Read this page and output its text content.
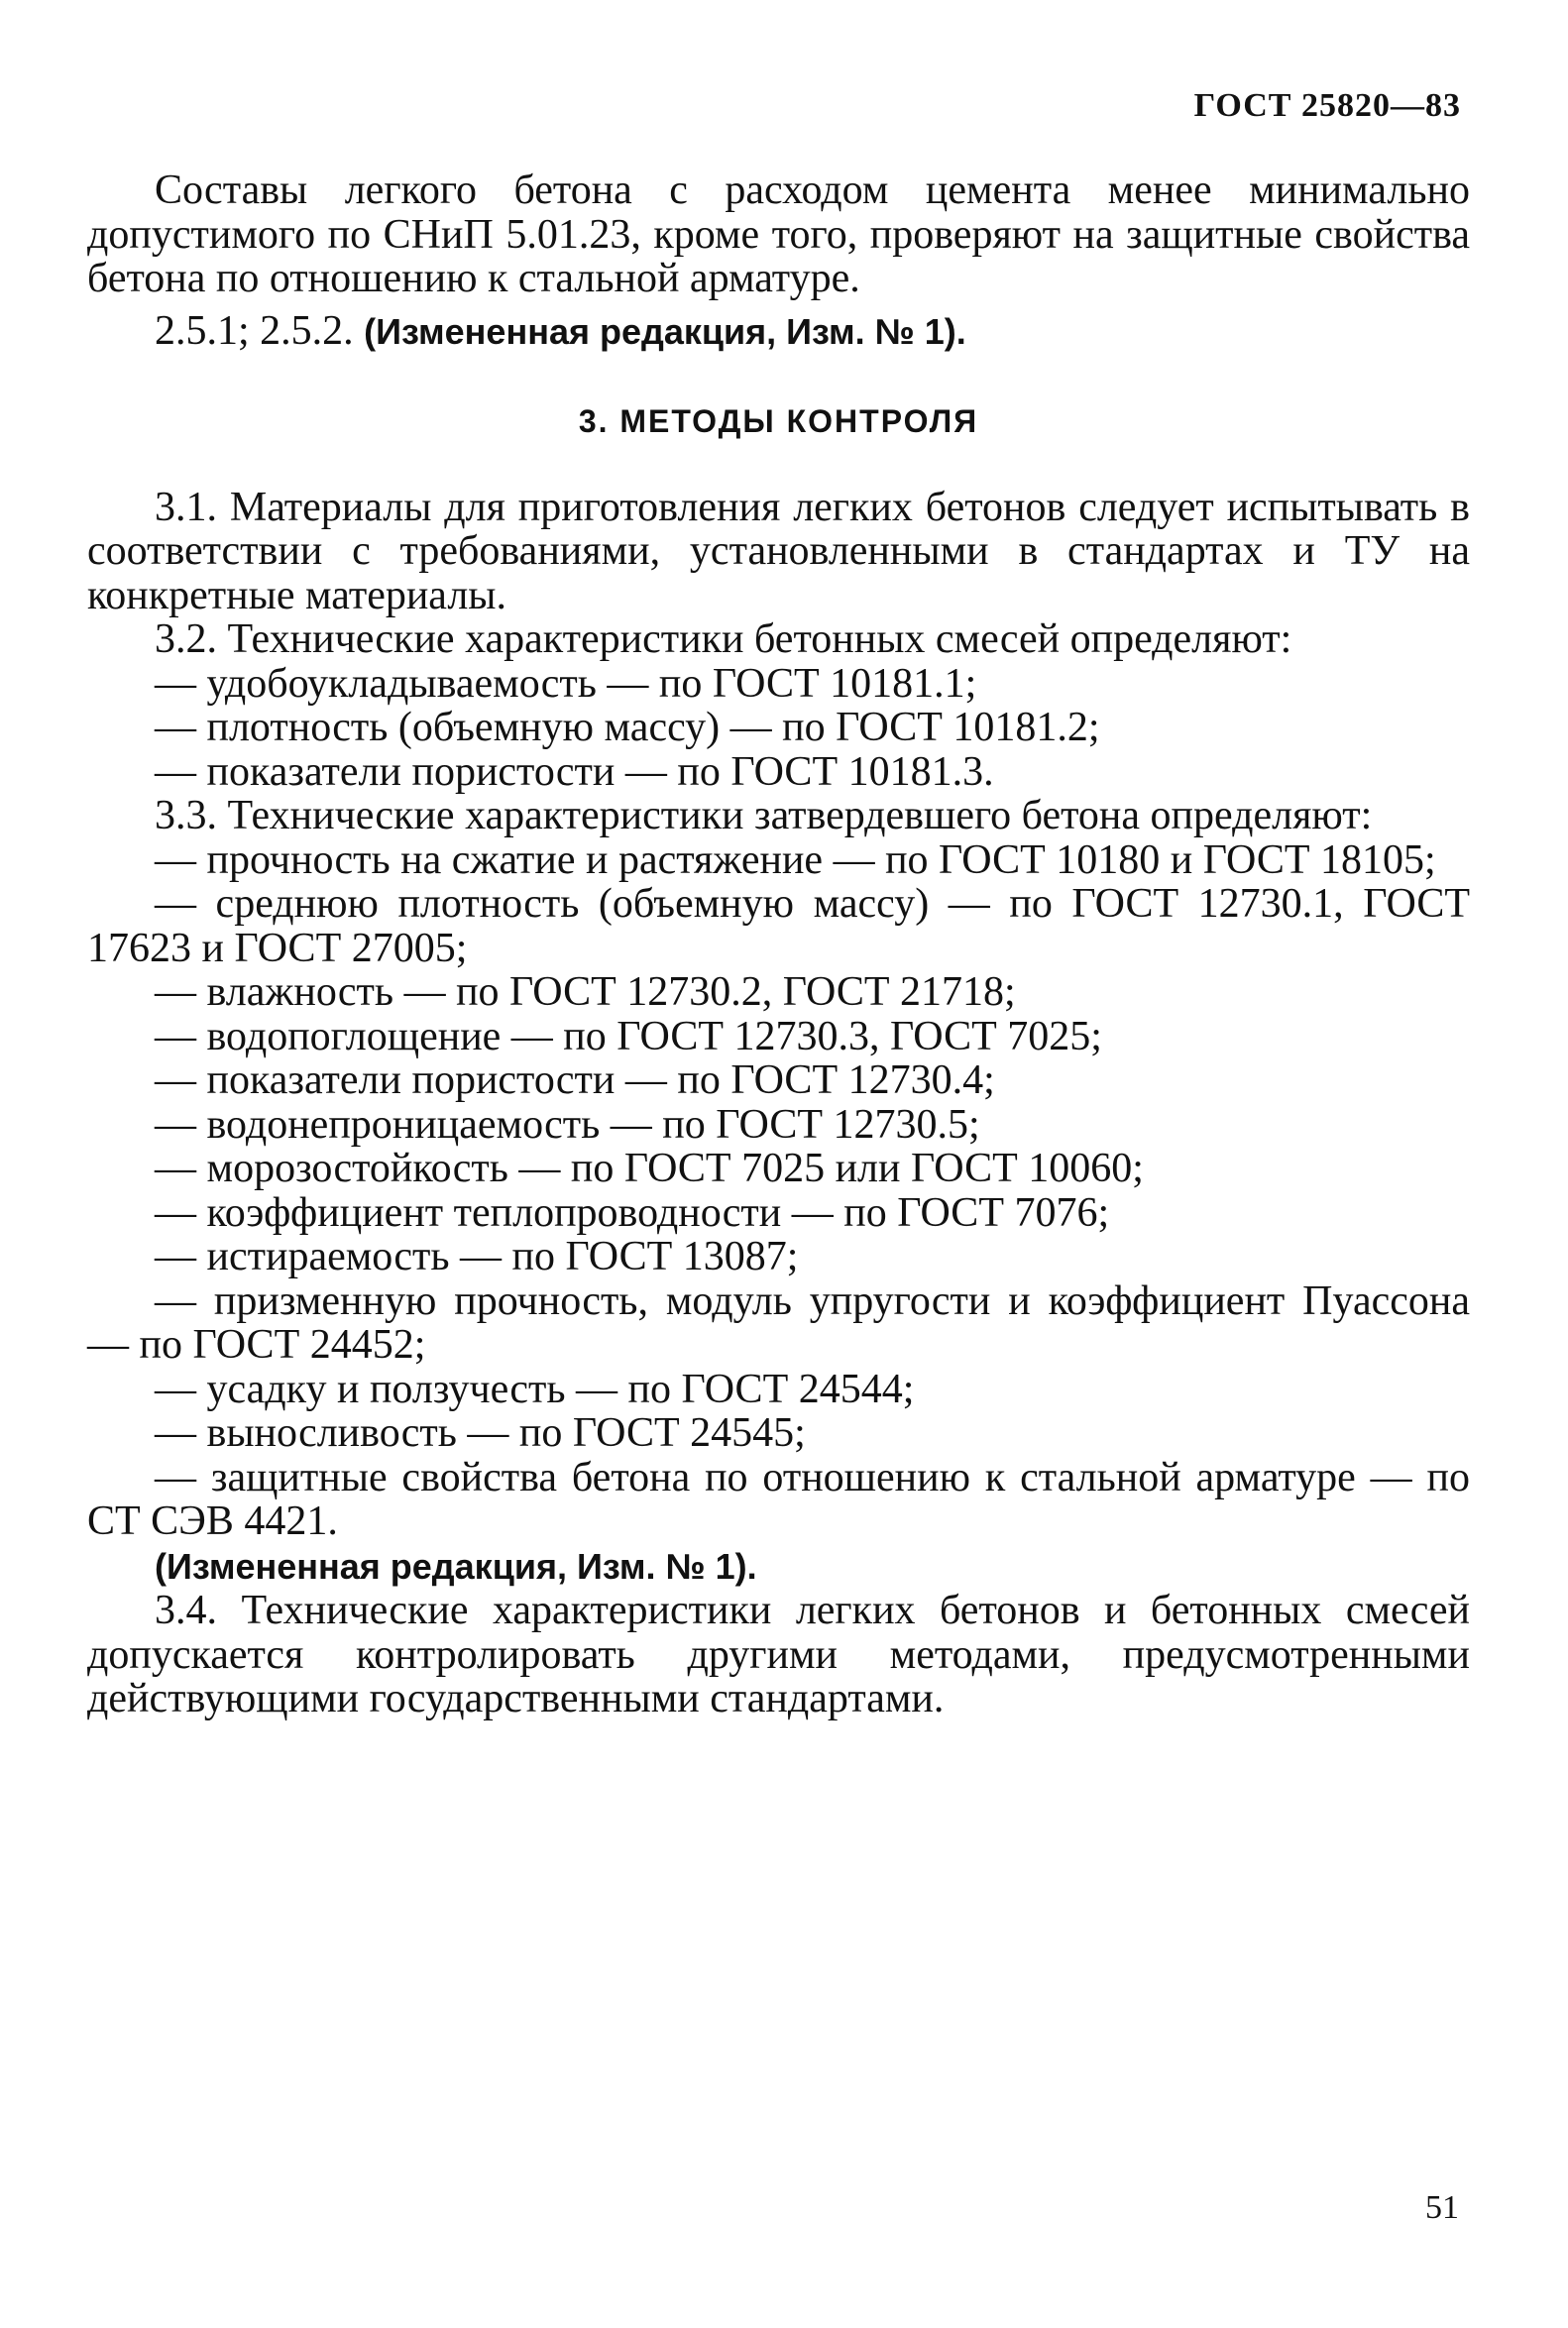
ГОСТ 25820—83

Составы легкого бетона с расходом цемента менее минимально допустимого по СНиП 5.01.23, кроме того, проверяют на защитные свойства бетона по отношению к стальной арматуре.

2.5.1; 2.5.2. (Измененная редакция, Изм. № 1).

3. МЕТОДЫ КОНТРОЛЯ

3.1. Материалы для приготовления легких бетонов следует испытывать в соответствии с требованиями, установленными в стандартах и ТУ на конкретные материалы.

3.2. Технические характеристики бетонных смесей определяют:

— удобоукладываемость — по ГОСТ 10181.1;

— плотность (объемную массу) — по ГОСТ 10181.2;

— показатели пористости — по ГОСТ 10181.3.

3.3. Технические характеристики затвердевшего бетона определяют:

— прочность на сжатие и растяжение — по ГОСТ 10180 и ГОСТ 18105;

— среднюю плотность (объемную массу) — по ГОСТ 12730.1, ГОСТ 17623 и ГОСТ 27005;

— влажность — по ГОСТ 12730.2, ГОСТ 21718;

— водопоглощение — по ГОСТ 12730.3, ГОСТ 7025;

— показатели пористости — по ГОСТ 12730.4;

— водонепроницаемость — по ГОСТ 12730.5;

— морозостойкость — по ГОСТ 7025 или ГОСТ 10060;

— коэффициент теплопроводности — по ГОСТ 7076;

— истираемость — по ГОСТ 13087;

— призменную прочность, модуль упругости и коэффициент Пуассона — по ГОСТ 24452;

— усадку и ползучесть — по ГОСТ 24544;

— выносливость — по ГОСТ 24545;

— защитные свойства бетона по отношению к стальной арматуре — по СТ СЭВ 4421.

(Измененная редакция, Изм. № 1).

3.4. Технические характеристики легких бетонов и бетонных смесей допускается контролировать другими методами, предусмотренными действующими государственными стандартами.

51
